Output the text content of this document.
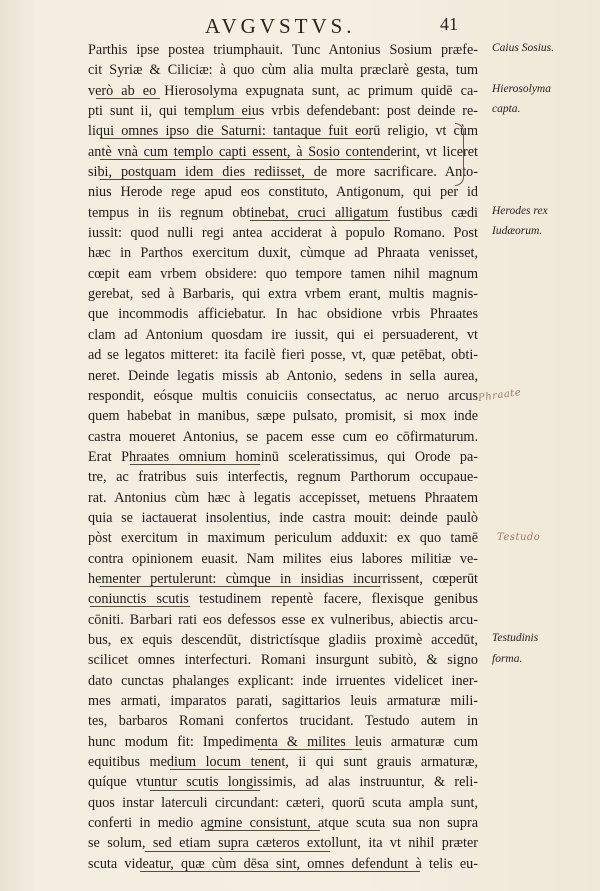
AVGVSTVS.	41
Parthis ipse postea triumphauit. Tunc Antonius Sosium præfe-
cit Syriæ & Ciliciæ: à quo cùm alia multa præclarè gesta, tum
verò ab eo Hierosolyma expugnata sunt, ac primum quidē ca-
pti sunt ii, qui templum eius vrbis defendebant: post deinde re-
liqui omnes ipso die Saturni: tantaque fuit eorū religio, vt cùm
antè vnà cum templo capti essent, à Sosio contenderint, vt liceret
sibi, postquam idem dies rediisset, de more sacrificare. Anto-
nius Herode rege apud eos constituto, Antigonum, qui per id
tempus in iis regnum obtinebat, cruci alligatum fustibus cædi
iussit: quod nulli regi antea acciderat à populo Romano. Post
hæc in Parthos exercitum duxit, cùmque ad Phraata venisset,
cœpit eam vrbem obsidere: quo tempore tamen nihil magnum
gerebat, sed à Barbaris, qui extra vrbem erant, multis magnis-
que incommodis afficiebatur. In hac obsidione vrbis Phraates
clam ad Antonium quosdam ire iussit, qui ei persuaderent, vt
ad se legatos mitteret: ita facilè fieri posse, vt, quæ petēbat, obti-
neret. Deinde legatis missis ab Antonio, sedens in sella aurea,
respondit, eósque multis conuiciis consectatus, ac neruo arcus
quem habebat in manibus, sæpe pulsato, promisit, si mox inde
castra moueret Antonius, se pacem esse cum eo cōfirmaturum.
Erat Phraates omnium hominū sceleratissimus, qui Orode pa-
tre, ac fratribus suis interfectis, regnum Parthorum occupaue-
rat. Antonius cùm hæc à legatis accepisset, metuens Phraatem
quia se iactauerat insolentius, inde castra mouit: deinde paulò
pòst exercitum in maximum periculum adduxit: ex quo tamē
contra opinionem euasit. Nam milites eius labores militiæ ve-
hementer pertulerunt: cùmque in insidias incurrissent, cœperūt
coniunctis scutis testudinem repentè facere, flexisque genibus
cōniti. Barbari rati eos defessos esse ex vulneribus, abiectis arcu-
bus, ex equis descendūt, districtísque gladiis proximè accedūt,
scilicet omnes interfecturi. Romani insurgunt subitò, & signo
dato cunctas phalanges explicant: inde irruentes videlicet iner-
mes armati, imparatos parati, sagittarios leuis armaturæ mili-
tes, barbaros Romani confertos trucidant. Testudo autem in
hunc modum fit: Impedimenta & milites leuis armaturæ cum
equitibus medium locum tenent, ii qui sunt grauis armaturæ,
quíque vtuntur scutis longissimis, ad alas instruuntur, & reli-
quos instar laterculi circundant: cæteri, quorū scuta ampla sunt,
conferti in medio agmine consistunt, atque scuta sua non supra
se solum, sed etiam supra cæteros extollunt, ita vt nihil præter
scuta videatur, quæ cùm dēsa sint, omnes defendunt à telis eu-
Caius Sosius.
Hierosolyma
capta.
Herodes rex
Iudæorum.
Testudinis
forma.
Phraate
Testudo
